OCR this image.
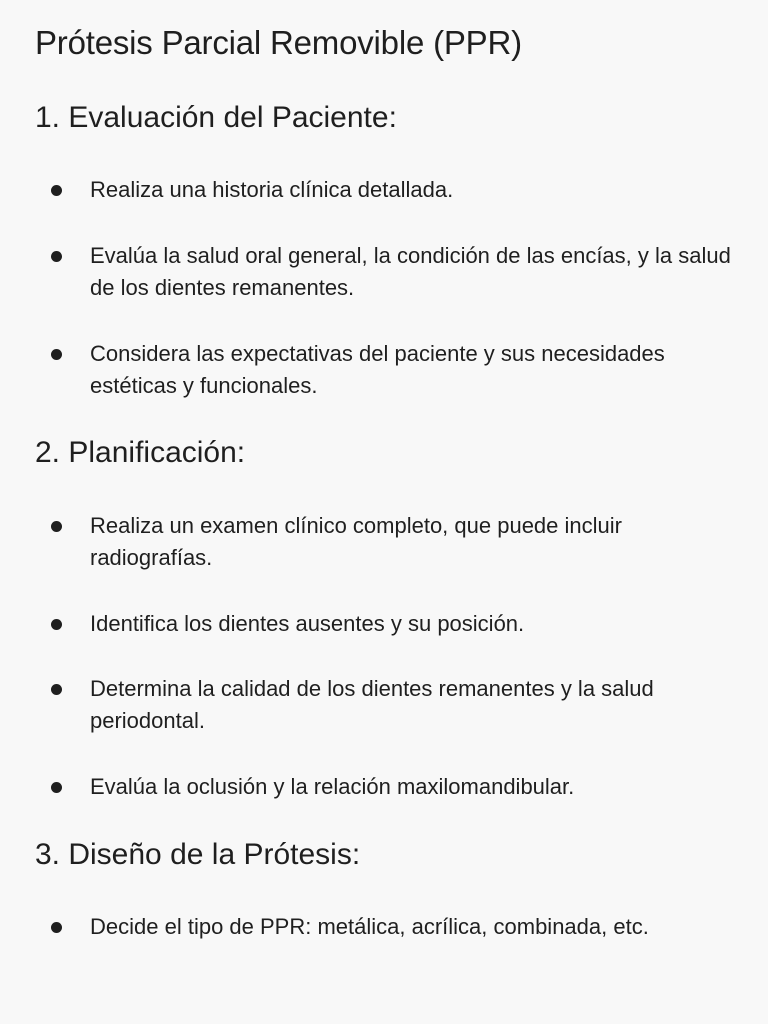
Prótesis Parcial Removible (PPR)
1. Evaluación del Paciente:

Realiza una historia clínica detallada.

Evalúa la salud oral general, la condición de las encías, y la salud de los dientes remanentes.

Considera las expectativas del paciente y sus necesidades estéticas y funcionales.

2. Planificación:

Realiza un examen clínico completo, que puede incluir radiografías.

Identifica los dientes ausentes y su posición.

Determina la calidad de los dientes remanentes y la salud periodontal.

Evalúa la oclusión y la relación maxilomandibular.

3. Diseño de la Prótesis:

Decide el tipo de PPR: metálica, acrílica, combinada, etc.
